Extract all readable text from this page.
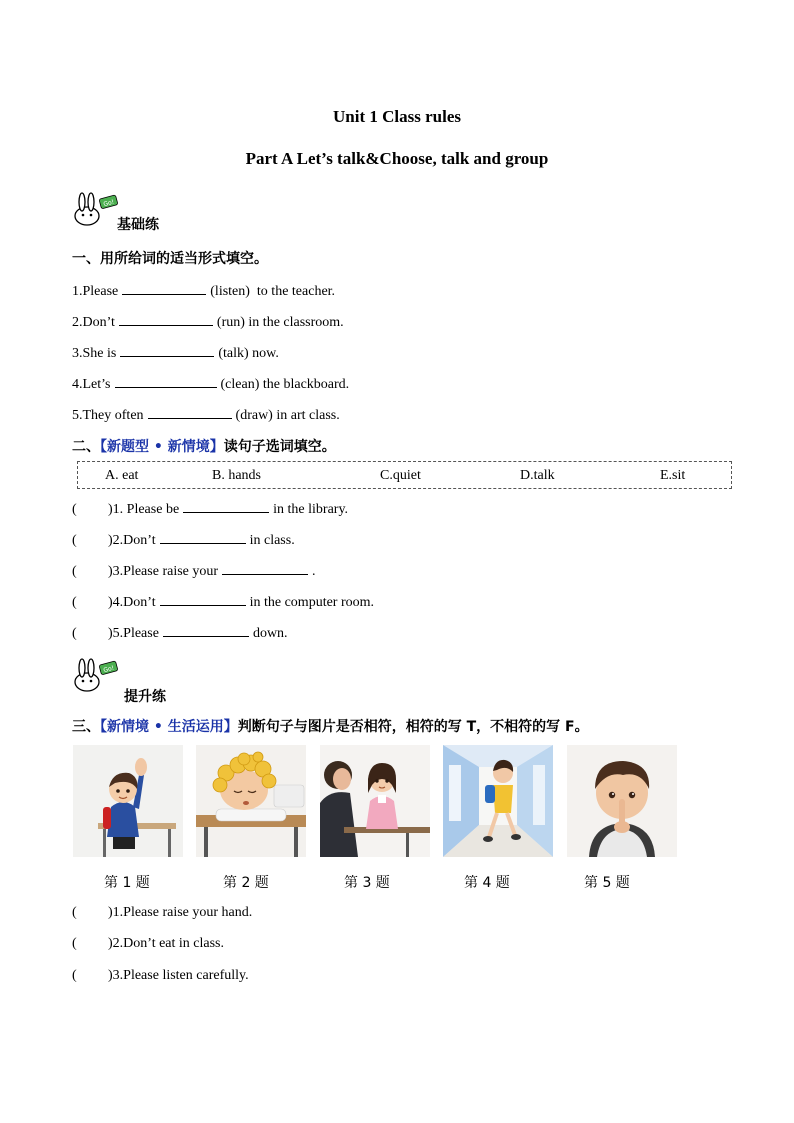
Unit 1 Class rules
Part A Let’s talk&Choose, talk and group
Go!
基础练
一、用所给词的适当形式填空。
1.Please	(listen) to the teacher.
2.Don’t	(run) in the classroom.
3.She is	(talk) now.
4.Let’s	(clean) the blackboard.
5.They often	(draw) in art class.
二、【新题型 • 新情境】读句子选词填空。
A. eat	B. hands	C.quiet	D.talk	E.sit
( )1. Please be	in the library.
( )2.Don’t	in class.
( )3.Please raise your	.
( )4.Don’t	in the computer room.
( )5.Please	down.
Go!
提升练
三、【新情境 • 生活运用】判断句子与图片是否相符，相符的写 T，不相符的写 F。
第 1 题	第 2 题	第 3 题	第 4 题	第 5 题
( )1.Please raise your hand.
( )2.Don’t eat in class.
( )3.Please listen carefully.
